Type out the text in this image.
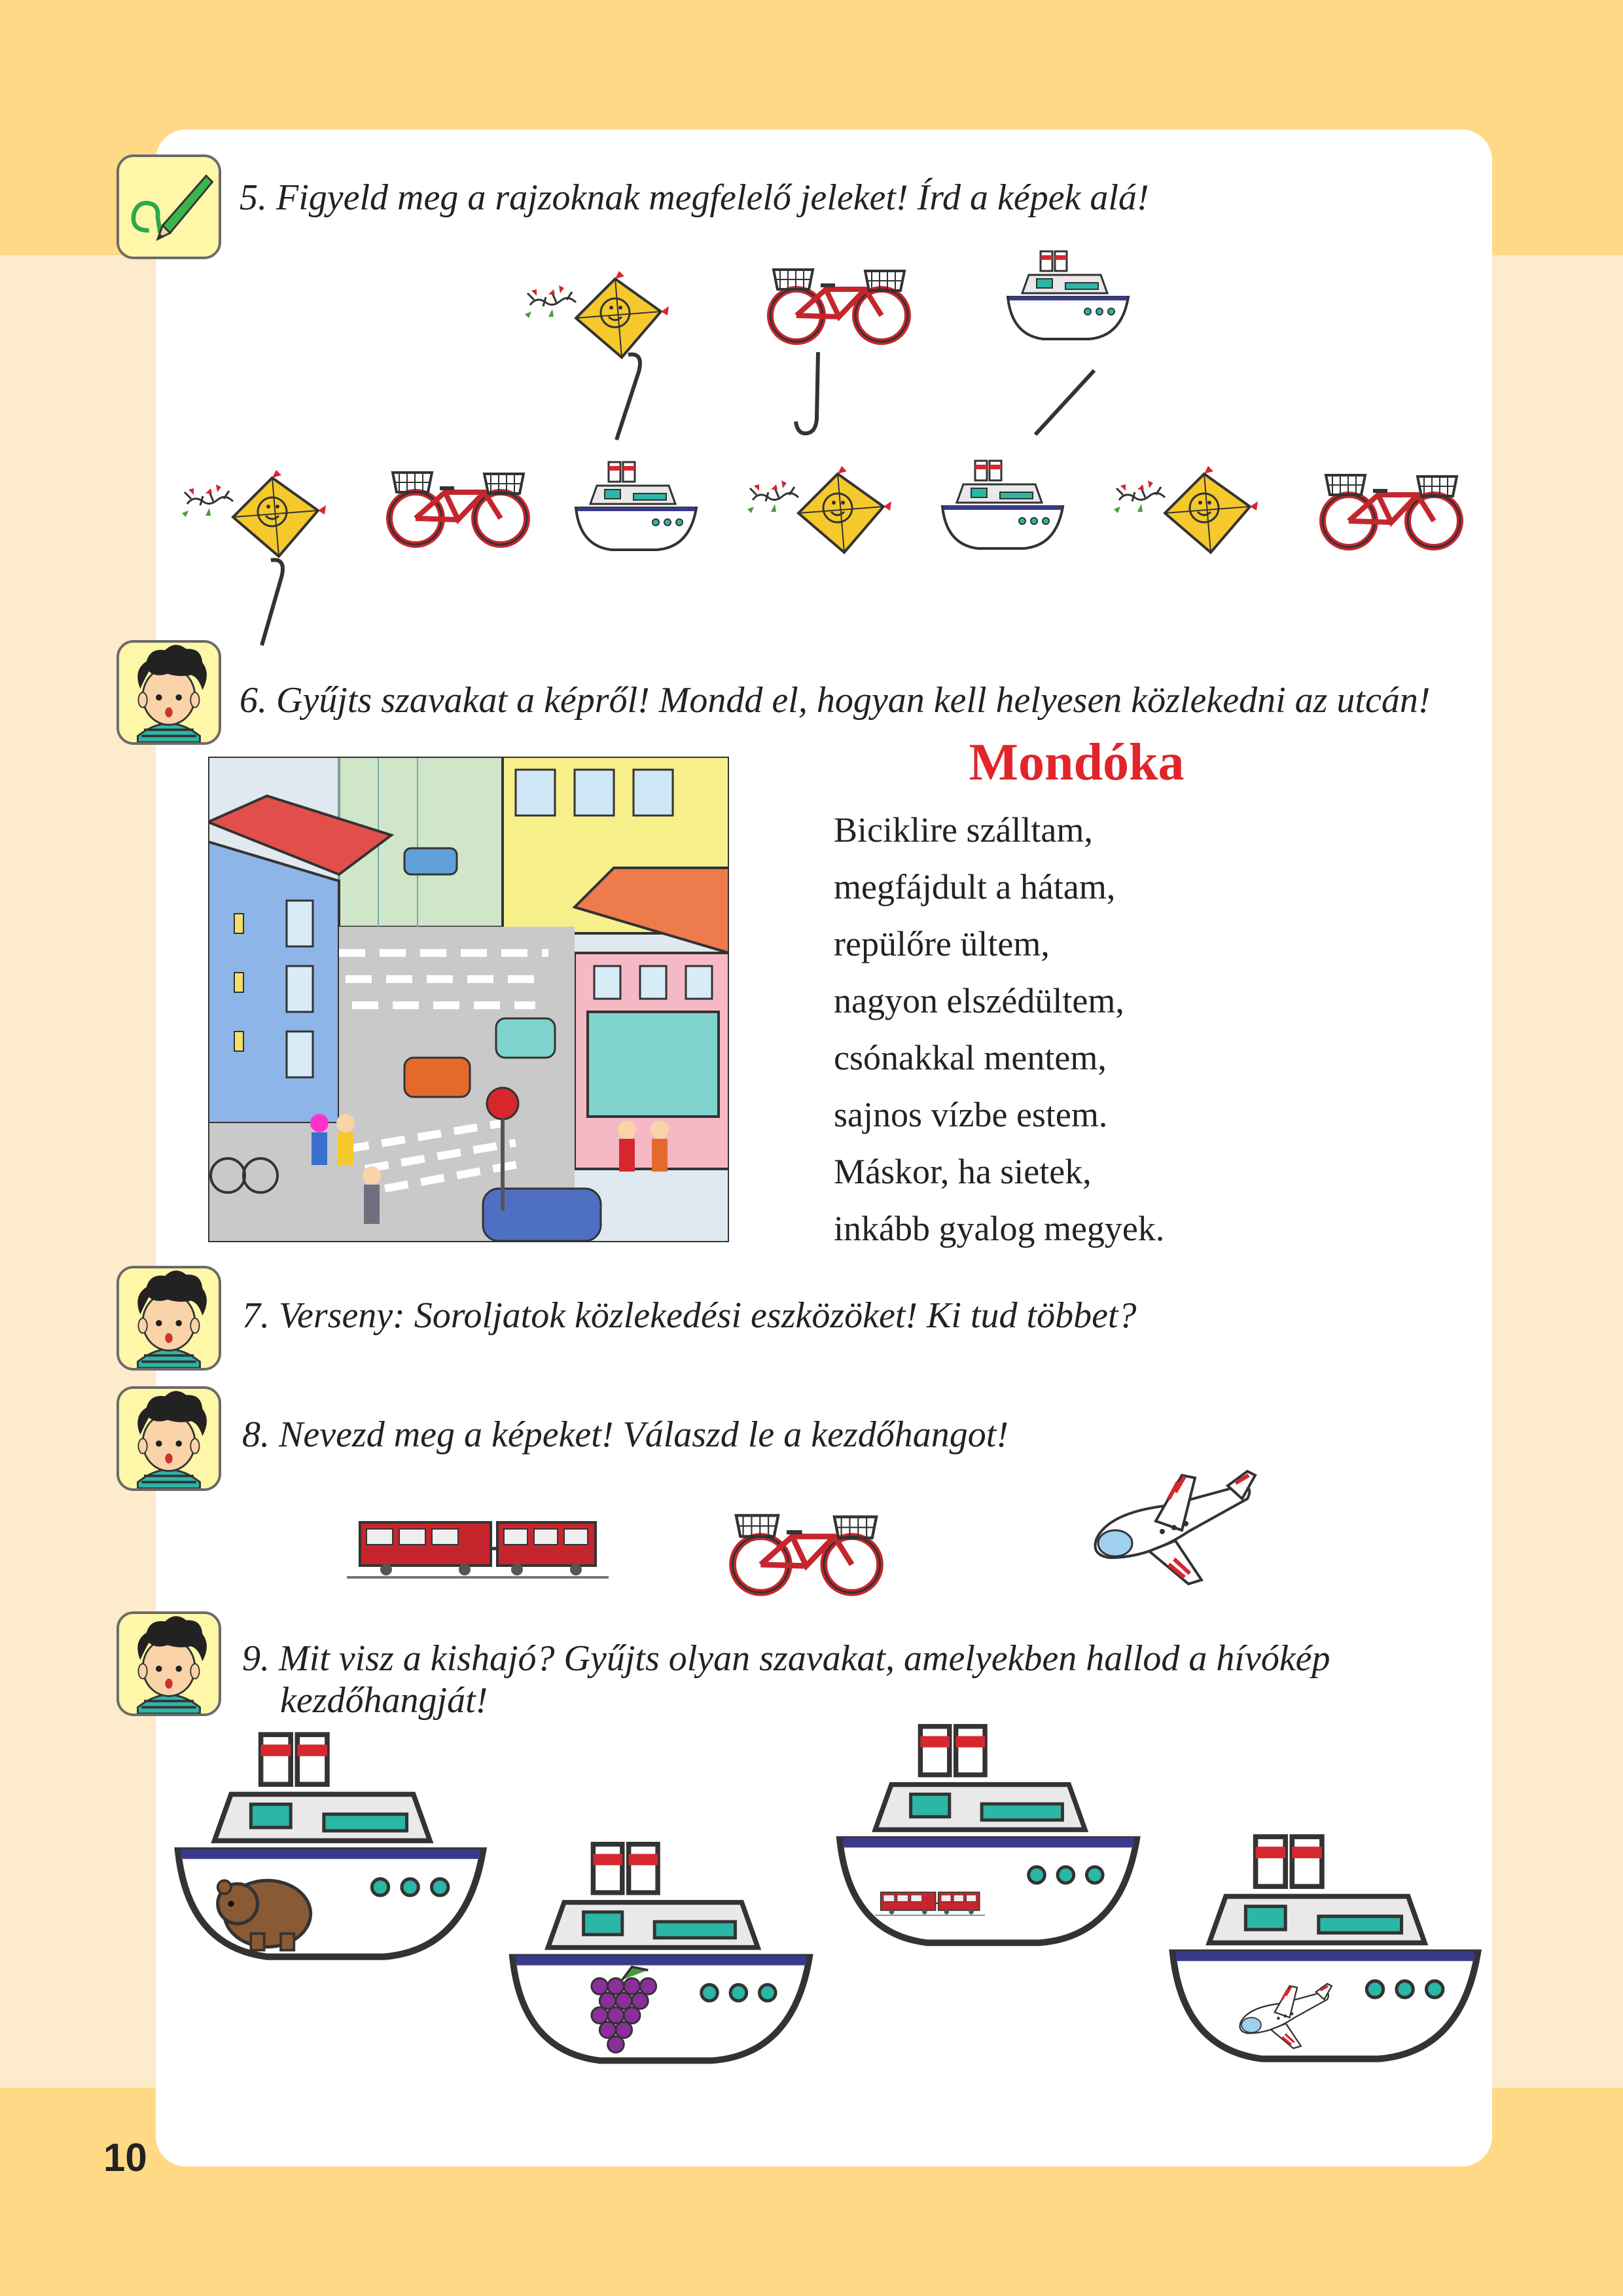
10
5. Figyeld meg a rajzoknak megfelelő jeleket! Írd a képek alá!
6. Gyűjts szavakat a képről! Mondd el, hogyan kell helyesen közlekedni az utcán!
Mondóka
Biciklire szálltam,
megfájdult a hátam,
repülőre ültem,
nagyon elszédültem,
csónakkal mentem,
sajnos vízbe estem.
Máskor, ha sietek,
inkább gyalog megyek.
7. Verseny: Soroljatok közlekedési eszközöket! Ki tud többet?
8. Nevezd meg a képeket! Válaszd le a kezdőhangot!
9. Mit visz a kishajó? Gyűjts olyan szavakat, amelyekben hallod a hívókép
kezdőhangját!
